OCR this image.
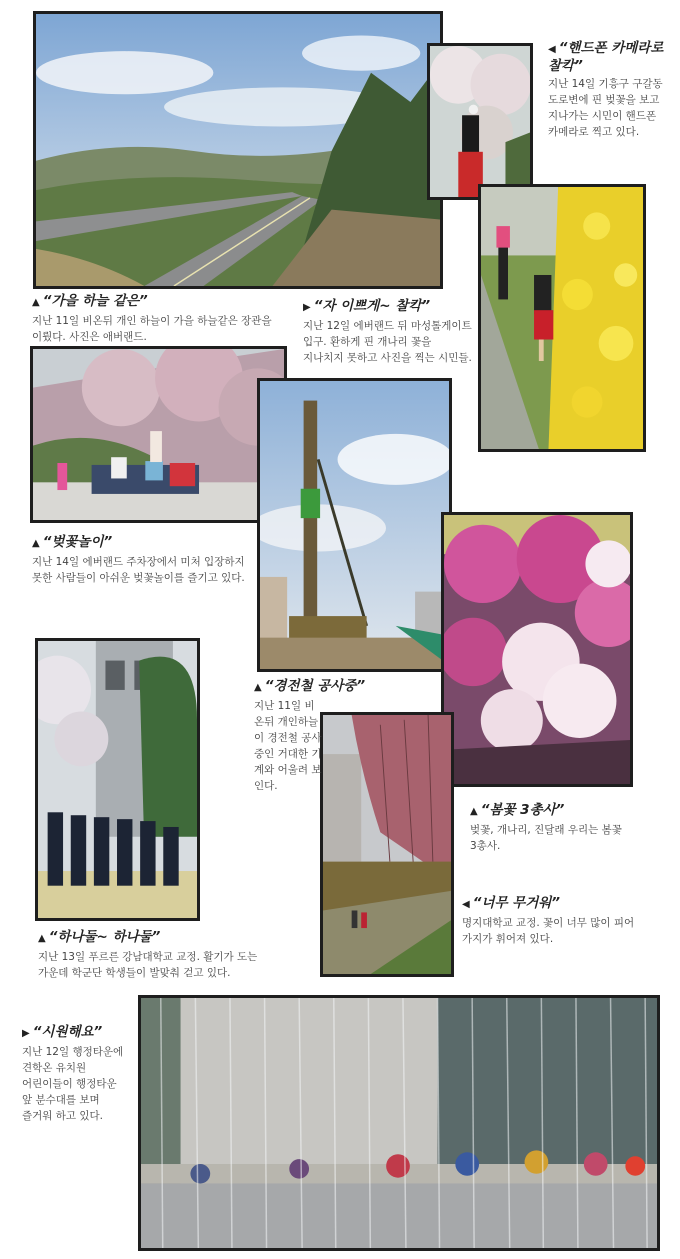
▲ “가을 하늘 같은”
지난 11일 비온뒤 개인 하늘이 가을 하늘같은 장관을 이뤘다. 사진은 애버랜드.
◀ “핸드폰 카메라로 찰칵”
지난 14일 기흥구 구갈동 도로변에 핀 벚꽃을 보고 지나가는 시민이 핸드폰 카메라로 찍고 있다.
▶ “자 이쁘게~ 찰칵”
지난 12일 에버랜드 뒤 마성톨게이트 입구. 환하게 핀 개나리 꽃을 지나치지 못하고 사진을 찍는 시민들.
▲ “벚꽃놀이”
지난 14일 에버랜드 주차장에서 미처 입장하지 못한 사람들이 아쉬운 벚꽃놀이를 즐기고 있다.
▲ “경전철 공사중”
지난 11일 비온뒤 개인하늘이 경전철 공사중인 거대한 기계와 어울려 보인다.
▲ “봄꽃 3총사”
벚꽃, 개나리, 진달래 우리는 봄꽃 3총사.
◀ “너무 무거워”
명지대학교 교정. 꽃이 너무 많이 피어 가지가 휘어져 있다.
▲ “하나둘~ 하나둘”
지난 13일 푸르른 강남대학교 교정. 활기가 도는 가운데 학군단 학생들이 발맞춰 걷고 있다.
▶ “시원해요”
지난 12일 행정타운에 견학온 유치원 어린이들이 행정타운 앞 분수대를 보며 즐거워 하고 있다.
